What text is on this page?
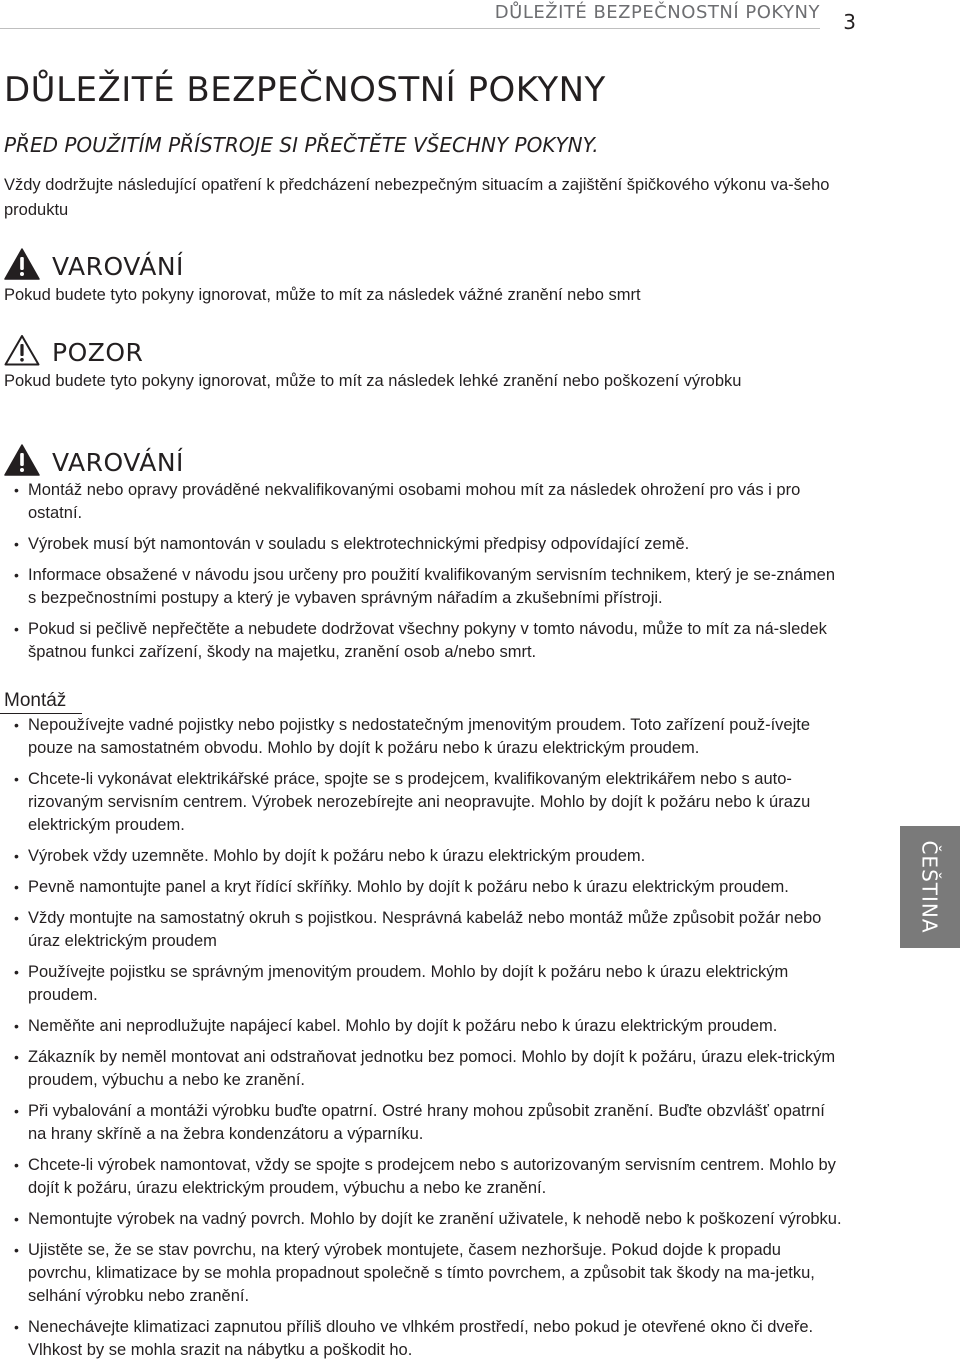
DŮLEŽITÉ BEZPEČNOSTNÍ POKYNY 3
DŮLEŽITÉ BEZPEČNOSTNÍ POKYNY
PŘED POUŽITÍM PŘÍSTROJE SI PŘEČTĚTE VŠECHNY POKYNY.
Vždy dodržujte následující opatření k předcházení nebezpečným situacím a zajištění špičkového výkonu va-šeho produktu
VAROVÁNÍ
Pokud budete tyto pokyny ignorovat, může to mít za následek vážné zranění nebo smrt
POZOR
Pokud budete tyto pokyny ignorovat, může to mít za následek lehké zranění nebo poškození výrobku
VAROVÁNÍ
• Montáž nebo opravy prováděné nekvalifikovanými osobami mohou mít za následek ohrožení pro vás i pro ostatní.
• Výrobek musí být namontován v souladu s elektrotechnickými předpisy odpovídající země.
• Informace obsažené v návodu jsou určeny pro použití kvalifikovaným servisním technikem, který je se-známen s bezpečnostními postupy a který je vybaven správným nářadím a zkušebními přístroji.
• Pokud si pečlivě nepřečtěte a nebudete dodržovat všechny pokyny v tomto návodu, může to mít za ná-sledek špatnou funkci zařízení, škody na majetku, zranění osob a/nebo smrt.
Montáž
• Nepoužívejte vadné pojistky nebo pojistky s nedostatečným jmenovitým proudem. Toto zařízení použ-ívejte pouze na samostatném obvodu. Mohlo by dojít k požáru nebo k úrazu elektrickým proudem.
• Chcete-li vykonávat elektrikářské práce, spojte se s prodejcem, kvalifikovaným elektrikářem nebo s auto-rizovaným servisním centrem. Výrobek nerozebírejte ani neopravujte. Mohlo by dojít k požáru nebo k úrazu elektrickým proudem.
• Výrobek vždy uzemněte. Mohlo by dojít k požáru nebo k úrazu elektrickým proudem.
• Pevně namontujte panel a kryt řídící skříňky. Mohlo by dojít k požáru nebo k úrazu elektrickým proudem.
• Vždy montujte na samostatný okruh s pojistkou. Nesprávná kabeláž nebo montáž může způsobit požár nebo úraz elektrickým proudem
• Používejte pojistku se správným jmenovitým proudem. Mohlo by dojít k požáru nebo k úrazu elektrickým proudem.
• Neměňte ani neprodlužujte napájecí kabel. Mohlo by dojít k požáru nebo k úrazu elektrickým proudem.
• Zákazník by neměl montovat ani odstraňovat jednotku bez pomoci. Mohlo by dojít k požáru, úrazu elek-trickým proudem, výbuchu a nebo ke zranění.
• Při vybalování a montáži výrobku buďte opatrní. Ostré hrany mohou způsobit zranění. Buďte obzvlášť opatrní na hrany skříně a na žebra kondenzátoru a výparníku.
• Chcete-li výrobek namontovat, vždy se spojte s prodejcem nebo s autorizovaným servisním centrem. Mohlo by dojít k požáru, úrazu elektrickým proudem, výbuchu a nebo ke zranění.
• Nemontujte výrobek na vadný povrch. Mohlo by dojít ke zranění uživatele, k nehodě nebo k poškození výrobku.
• Ujistěte se, že se stav povrchu, na který výrobek montujete, časem nezhoršuje. Pokud dojde k propadu povrchu, klimatizace by se mohla propadnout společně s tímto povrchem, a způsobit tak škody na ma-jetku, selhání výrobku nebo zranění.
• Nenechávejte klimatizaci zapnutou příliš dlouho ve vlhkém prostředí, nebo pokud je otevřené okno či dveře. Vlhkost by se mohla srazit na nábytku a poškodit ho.
ČEŠTINA
